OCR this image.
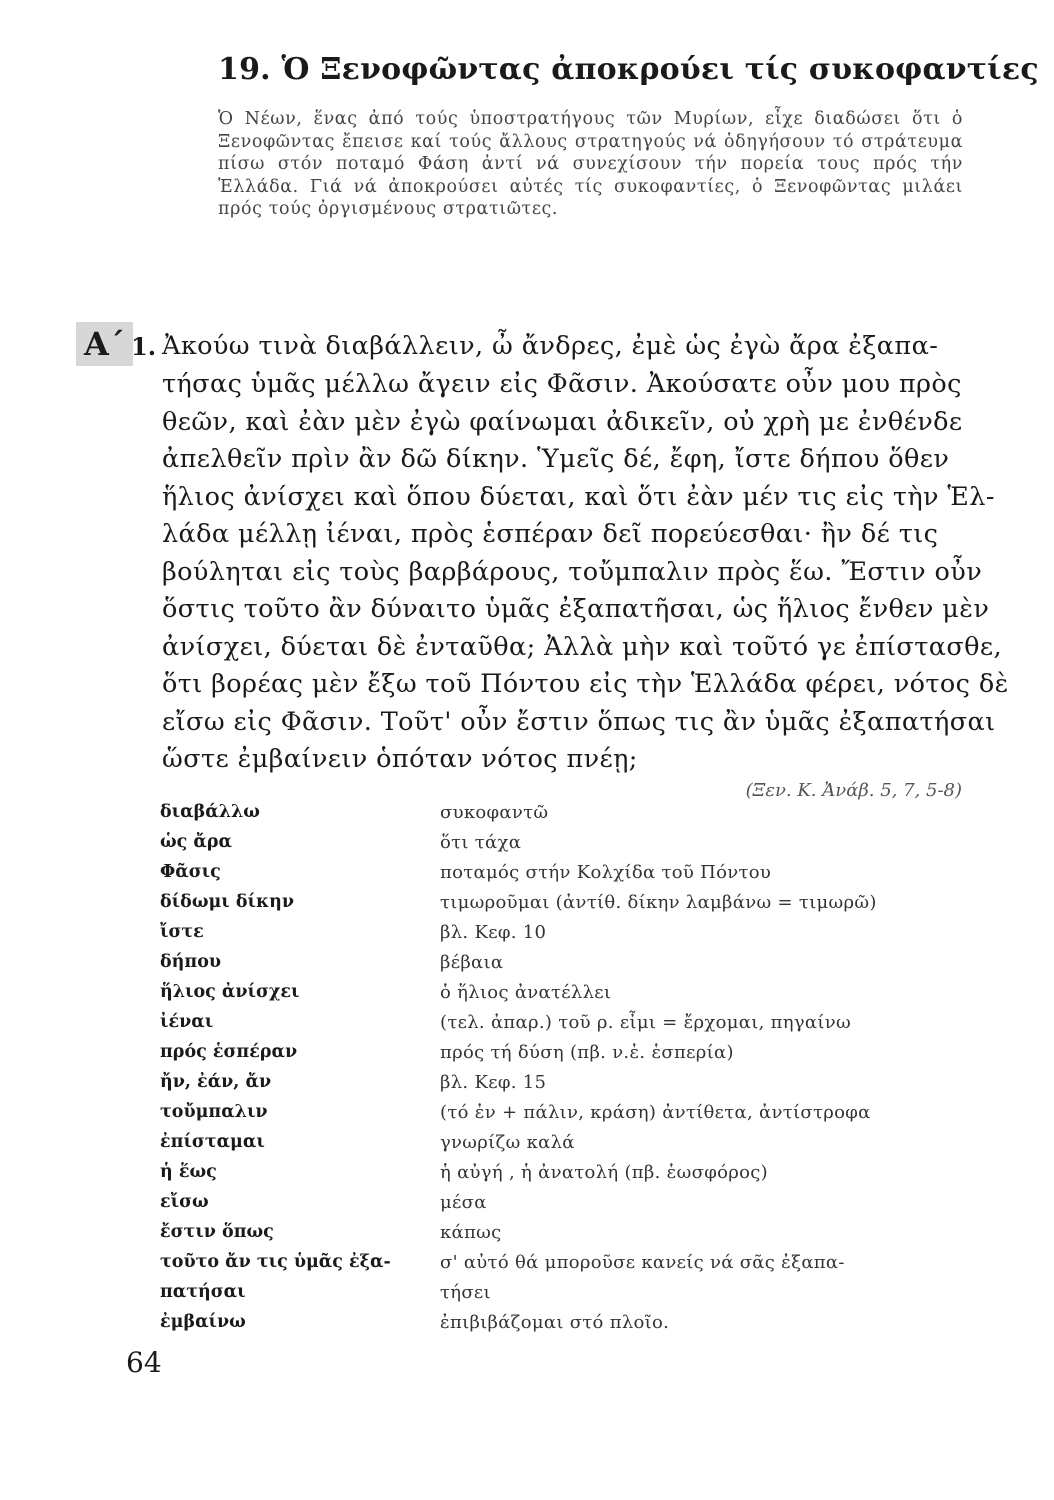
19. Ὁ Ξενοφῶντας ἀποκρούει τίς συκοφαντίες
Ὁ Νέων, ἕνας ἀπό τούς ὑποστρατήγους τῶν Μυρίων, εἶχε διαδώσει ὅτι ὁ Ξενοφῶντας ἔπεισε καί τούς ἄλλους στρατηγούς νά ὁδηγήσουν τό στράτευμα πίσω στόν ποταμό Φάση ἀντί νά συνεχίσουν τήν πορεία τους πρός τήν Ἑλλάδα. Γιά νά ἀποκρούσει αὐτές τίς συκοφαντίες, ὁ Ξενοφῶντας μιλάει πρός τούς ὀργισμένους στρατιῶτες.
Α΄ 1. Ἀκούω τινὰ διαβάλλειν, ὦ ἄνδρες, ἐμὲ ὡς ἐγὼ ἄρα ἐξαπα-
τήσας ὑμᾶς μέλλω ἄγειν εἰς Φᾶσιν. Ἀκούσατε οὖν μου πρὸς
θεῶν, καὶ ἐὰν μὲν ἐγὼ φαίνωμαι ἀδικεῖν, οὐ χρὴ με ἐνθένδε
ἀπελθεῖν πρὶν ἂν δῶ δίκην. Ὑμεῖς δέ, ἔφη, ἴστε δήπου ὅθεν
ἥλιος ἀνίσχει καὶ ὅπου δύεται, καὶ ὅτι ἐὰν μέν τις εἰς τὴν Ἑλ-
λάδα μέλλῃ ἰέναι, πρὸς ἑσπέραν δεῖ πορεύεσθαι· ἢν δέ τις
βούληται εἰς τοὺς βαρβάρους, τοὔμπαλιν πρὸς ἕω. Ἔστιν οὖν
ὅστις τοῦτο ἂν δύναιτο ὑμᾶς ἐξαπατῆσαι, ὡς ἥλιος ἔνθεν μὲν
ἀνίσχει, δύεται δὲ ἐνταῦθα; Ἀλλὰ μὴν καὶ τοῦτό γε ἐπίστασθε,
ὅτι βορέας μὲν ἔξω τοῦ Πόντου εἰς τὴν Ἑλλάδα φέρει, νότος δὲ
εἴσω εἰς Φᾶσιν. Τοῦτ' οὖν ἔστιν ὅπως τις ἂν ὑμᾶς ἐξαπατήσαι
ὥστε ἐμβαίνειν ὁπόταν νότος πνέῃ;
(Ξεν. Κ. Ἀνάβ. 5, 7, 5-8)
διαβάλλω	συκοφαντῶ
ὡς ἄρα	ὅτι τάχα
Φᾶσις	ποταμός στήν Κολχίδα τοῦ Πόντου
δίδωμι δίκην	τιμωροῦμαι (ἀντίθ. δίκην λαμβάνω = τιμωρῶ)
ἴστε	βλ. Κεφ. 10
δήπου	βέβαια
ἥλιος ἀνίσχει	ὁ ἥλιος ἀνατέλλει
ἰέναι	(τελ. ἀπαρ.) τοῦ ρ. εἶμι = ἔρχομαι, πηγαίνω
πρός ἑσπέραν	πρός τή δύση (πβ. ν.ἑ. ἑσπερία)
ἤν, ἐάν, ἄν	βλ. Κεφ. 15
τοὔμπαλιν	(τό ἐν + πάλιν, κράση) ἀντίθετα, ἀντίστροφα
ἐπίσταμαι	γνωρίζω καλά
ἡ ἕως	ἡ αὐγή , ἡ ἀνατολή (πβ. ἑωσφόρος)
εἴσω	μέσα
ἔστιν ὅπως	κάπως
τοῦτο ἄν τις ὑμᾶς ἐξα-	σ' αὐτό θά μποροῦσε κανείς νά σᾶς ἐξαπα-
πατήσαι	τήσει
ἐμβαίνω	ἐπιβιβάζομαι στό πλοῖο.
64
